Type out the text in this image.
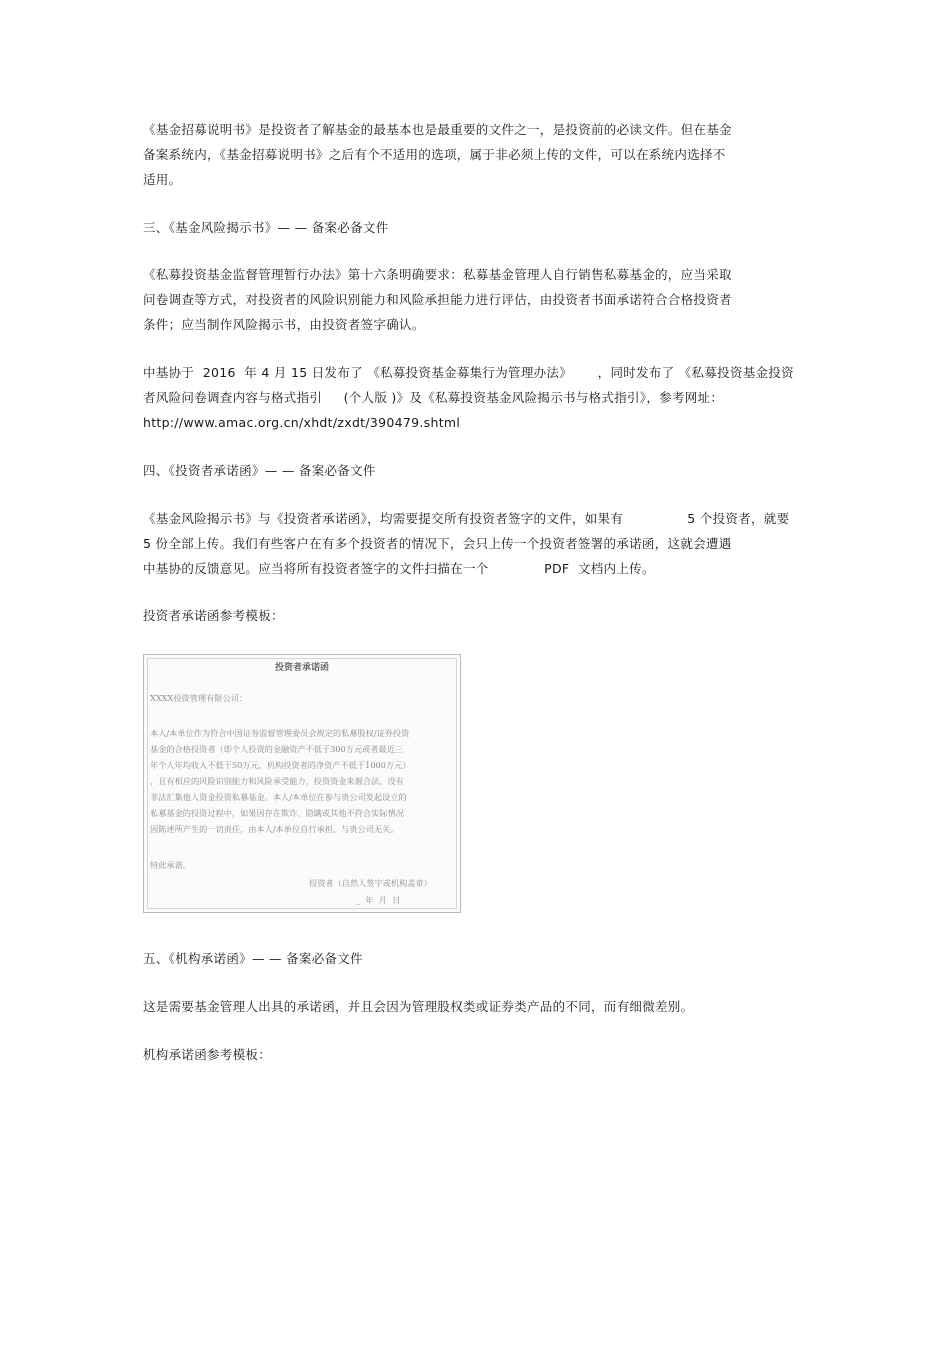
《基金招募说明书》是投资者了解基金的最基本也是最重要的文件之一，是投资前的必读文件。但在基金
备案系统内，《基金招募说明书》之后有个不适用的选项，属于非必须上传的文件，可以在系统内选择不
适用。
三、《基金风险揭示书》— — 备案必备文件
《私募投资基金监督管理暂行办法》第十六条明确要求：私募基金管理人自行销售私募基金的，应当采取
问卷调查等方式，对投资者的风险识别能力和风险承担能力进行评估，由投资者书面承诺符合合格投资者
条件；应当制作风险揭示书，由投资者签字确认。
中基协于  2016  年 4 月 15 日发布了 《私募投资基金募集行为管理办法》      ，同时发布了 《私募投资基金投资
者风险问卷调查内容与格式指引     (个人版 )》及《私募投资基金风险揭示书与格式指引》，参考网址：
http://www.amac.org.cn/xhdt/zxdt/390479.shtml
四、《投资者承诺函》— — 备案必备文件
《基金风险揭示书》与《投资者承诺函》，均需要提交所有投资者签字的文件，如果有               5 个投资者，就要
5 份全部上传。我们有些客户在有多个投资者的情况下，会只上传一个投资者签署的承诺函，这就会遭遇
中基协的反馈意见。应当将所有投资者签字的文件扫描在一个             PDF  文档内上传。
投资者承诺函参考模板：
投资者承诺函
XXXX投资管理有限公司：
本人/本单位作为符合中国证券监督管理委员会规定的私募股权/证券投资
基金的合格投资者（即个人投资的金融资产不低于300万元或者最近三
年个人年均收入不低于50万元，机构投资者的净资产不低于1000万元）
，且有相应的风险识别能力和风险承受能力，投资资金来源合法，没有
非法汇集他人资金投资私募基金。本人/本单位在参与贵公司发起设立的
私募基金的投资过程中，如果因存在欺诈、隐瞒或其他不符合实际情况
因陈述所产生的一切责任，由本人/本单位自行承担，与贵公司无关。
特此承诺。
投资者（自然人签字或机构盖章）
_  年  月  日
五、《机构承诺函》— — 备案必备文件
这是需要基金管理人出具的承诺函，并且会因为管理股权类或证券类产品的不同，而有细微差别。
机构承诺函参考模板：
